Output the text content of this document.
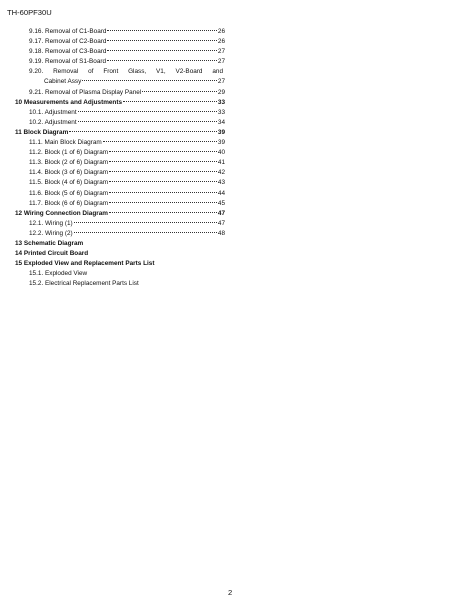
TH-60PF30U
9.16. Removal of C1-Board	26
9.17. Removal of C2-Board	26
9.18. Removal of C3-Board	27
9.19. Removal of S1-Board	27
9.20. Removal of Front Glass, V1, V2-Board and
Cabinet Assy	27
9.21. Removal of Plasma Display Panel	29
10 Measurements and Adjustments	33
10.1. Adjustment	33
10.2. Adjustment	34
11 Block Diagram	39
11.1. Main Block Diagram	39
11.2. Block (1 of 6) Diagram	40
11.3. Block (2 of 6) Diagram	41
11.4. Block (3 of 6) Diagram	42
11.5. Block (4 of 6) Diagram	43
11.6. Block (5 of 6) Diagram	44
11.7. Block (6 of 6) Diagram	45
12 Wiring Connection Diagram	47
12.1. Wiring (1)	47
12.2. Wiring (2)	48
13 Schematic Diagram
14 Printed Circuit Board
15 Exploded View and Replacement Parts List
15.1. Exploded View
15.2. Electrical Replacement Parts List
2
